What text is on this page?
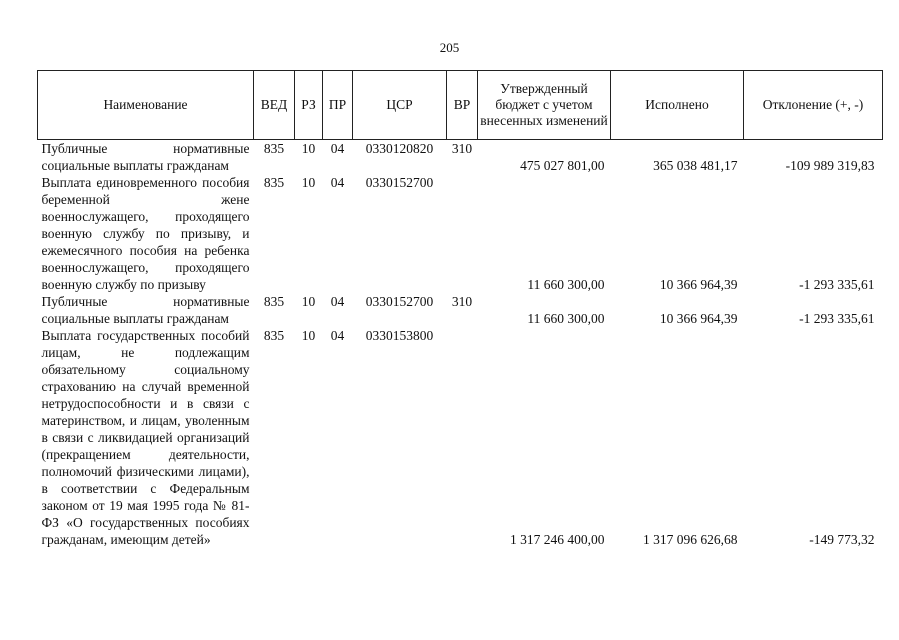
205
Наименование	ВЕД	РЗ	ПР	ЦСР	ВР	Утвержденный бюджет с учетом внесенных изменений	Исполнено	Отклонение (+, -)
Публичные нормативные социальные выплаты гражданам	835	10	04	0330120820	310	475 027 801,00	365 038 481,17	-109 989 319,83
Выплата единовременного пособия беременной жене военнослужащего, проходящего военную службу по призыву, и ежемесячного пособия на ребенка военнослужащего, проходящего военную службу по призыву	835	10	04	0330152700		11 660 300,00	10 366 964,39	-1 293 335,61
Публичные нормативные социальные выплаты гражданам	835	10	04	0330152700	310	11 660 300,00	10 366 964,39	-1 293 335,61
Выплата государственных пособий лицам, не подлежащим обязательному социальному страхованию на случай временной нетрудоспособности и в связи с материнством, и лицам, уволенным в связи с ликвидацией организаций (прекращением деятельности, полномочий физическими лицами), в соответствии с Федеральным законом от 19 мая 1995 года № 81-ФЗ «О государственных пособиях гражданам, имеющим детей»	835	10	04	0330153800		1 317 246 400,00	1 317 096 626,68	-149 773,32
